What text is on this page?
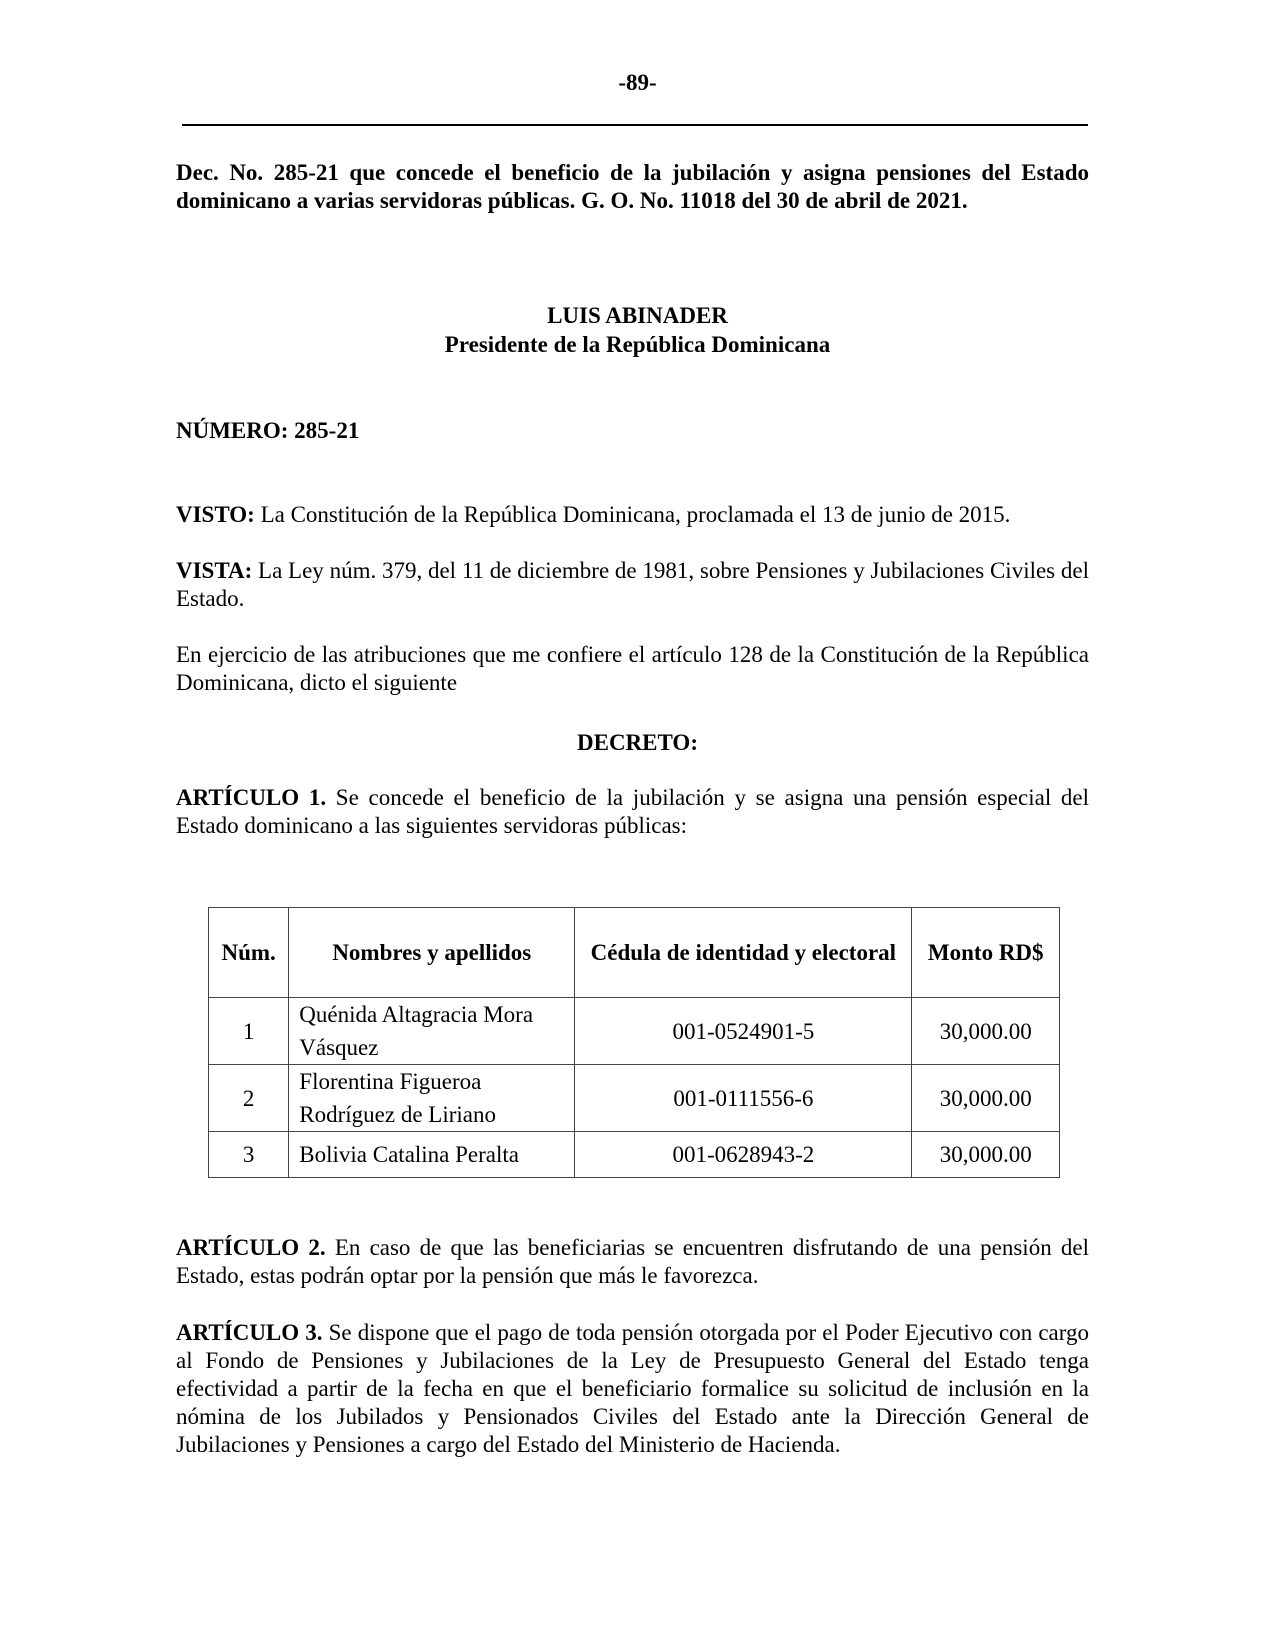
-89-
Dec. No. 285-21 que concede el beneficio de la jubilación y asigna pensiones del Estado dominicano a varias servidoras públicas. G. O. No. 11018 del 30 de abril de 2021.
LUIS ABINADER
Presidente de la República Dominicana
NÚMERO: 285-21
VISTO: La Constitución de la República Dominicana, proclamada el 13 de junio de 2015.
VISTA: La Ley núm. 379, del 11 de diciembre de 1981, sobre Pensiones y Jubilaciones Civiles del Estado.
En ejercicio de las atribuciones que me confiere el artículo 128 de la Constitución de la República Dominicana, dicto el siguiente
DECRETO:
ARTÍCULO 1. Se concede el beneficio de la jubilación y se asigna una pensión especial del Estado dominicano a las siguientes servidoras públicas:
Núm.	Nombres y apellidos	Cédula de identidad y electoral	Monto RD$
1	Quénida Altagracia Mora Vásquez	001-0524901-5	30,000.00
2	Florentina Figueroa Rodríguez de Liriano	001-0111556-6	30,000.00
3	Bolivia Catalina Peralta	001-0628943-2	30,000.00
ARTÍCULO 2. En caso de que las beneficiarias se encuentren disfrutando de una pensión del Estado, estas podrán optar por la pensión que más le favorezca.
ARTÍCULO 3. Se dispone que el pago de toda pensión otorgada por el Poder Ejecutivo con cargo al Fondo de Pensiones y Jubilaciones de la Ley de Presupuesto General del Estado tenga efectividad a partir de la fecha en que el beneficiario formalice su solicitud de inclusión en la nómina de los Jubilados y Pensionados Civiles del Estado ante la Dirección General de Jubilaciones y Pensiones a cargo del Estado del Ministerio de Hacienda.
